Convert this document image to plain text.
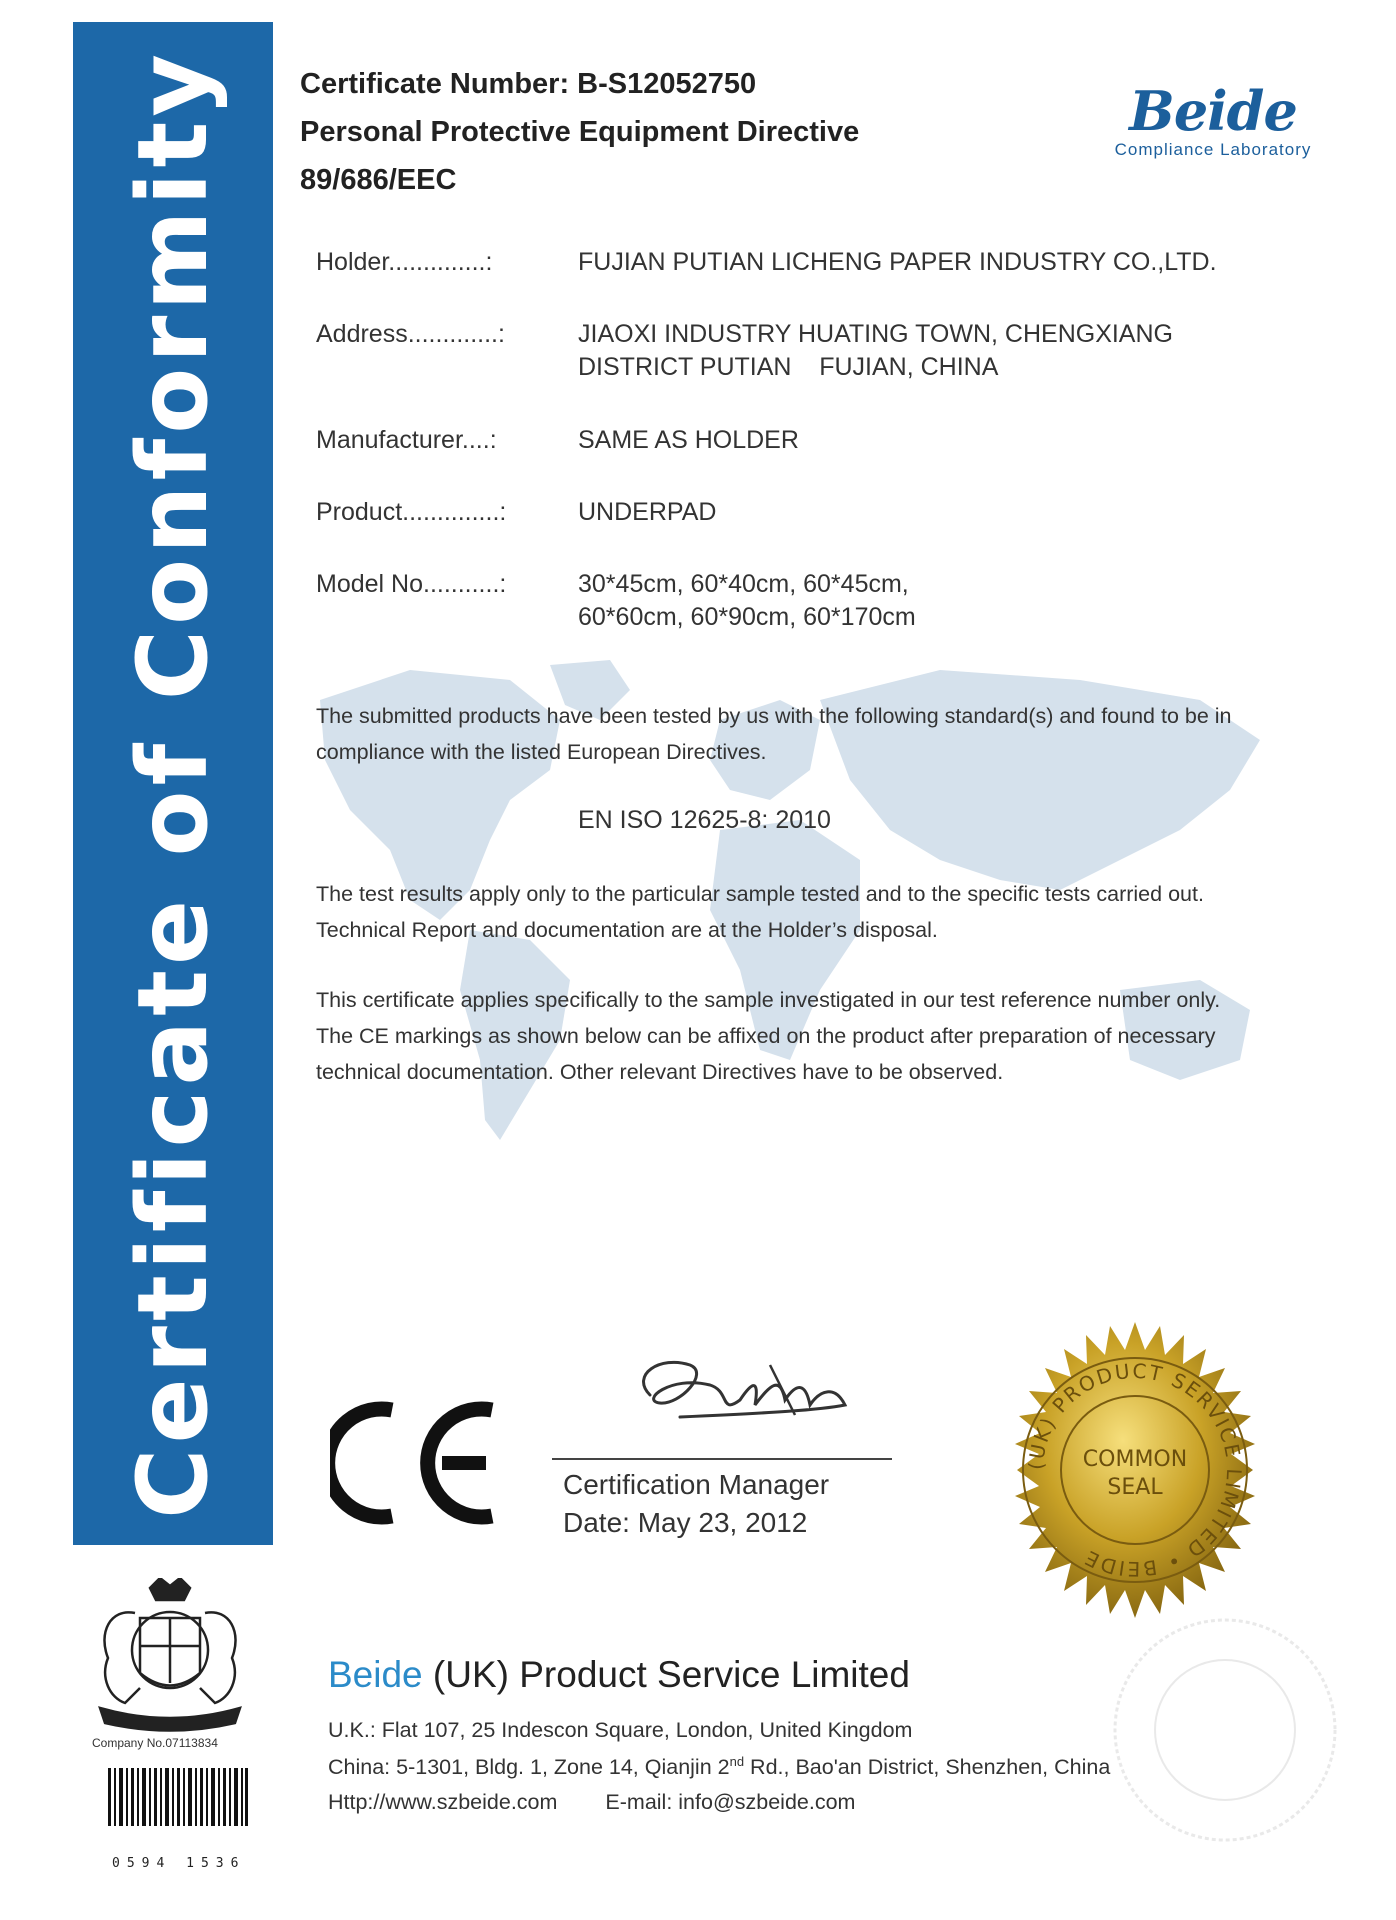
Certificate of Conformity Certificate Number: B-S12052750
Personal Protective Equipment Directive
89/686/EEC
Beide
Compliance Laboratory
Holder..............:	FUJIAN PUTIAN LICHENG PAPER INDUSTRY CO.,LTD.
Address.............:	JIAOXI INDUSTRY HUATING TOWN, CHENGXIANG
DISTRICT PUTIAN    FUJIAN, CHINA
Manufacturer....:	SAME AS HOLDER
Product..............:	UNDERPAD
Model No...........:	30*45cm, 60*40cm, 60*45cm,
60*60cm, 60*90cm, 60*170cm
The submitted products have been tested by us with the following standard(s) and found to be in
compliance with the listed European Directives.
EN ISO 12625-8: 2010
The test results apply only to the particular sample tested and to the specific tests carried out.
Technical Report and documentation are at the Holder’s disposal.
This certificate applies specifically to the sample investigated in our test reference number only.
The CE markings as shown below can be affixed on the product after preparation of necessary
technical documentation. Other relevant Directives have to be observed.
Certification Manager
Date: May 23, 2012
(UK) PRODUCT SERVICE LIMITED • BEIDE
COMMON
SEAL
Company No.07113834
0594 1536
Beide (UK) Product Service Limited
U.K.: Flat 107, 25 Indescon Square, London, United Kingdom
China: 5-1301, Bldg. 1, Zone 14, Qianjin 2nd Rd., Bao'an District, Shenzhen, China
Http://www.szbeide.com E-mail: info@szbeide.com
